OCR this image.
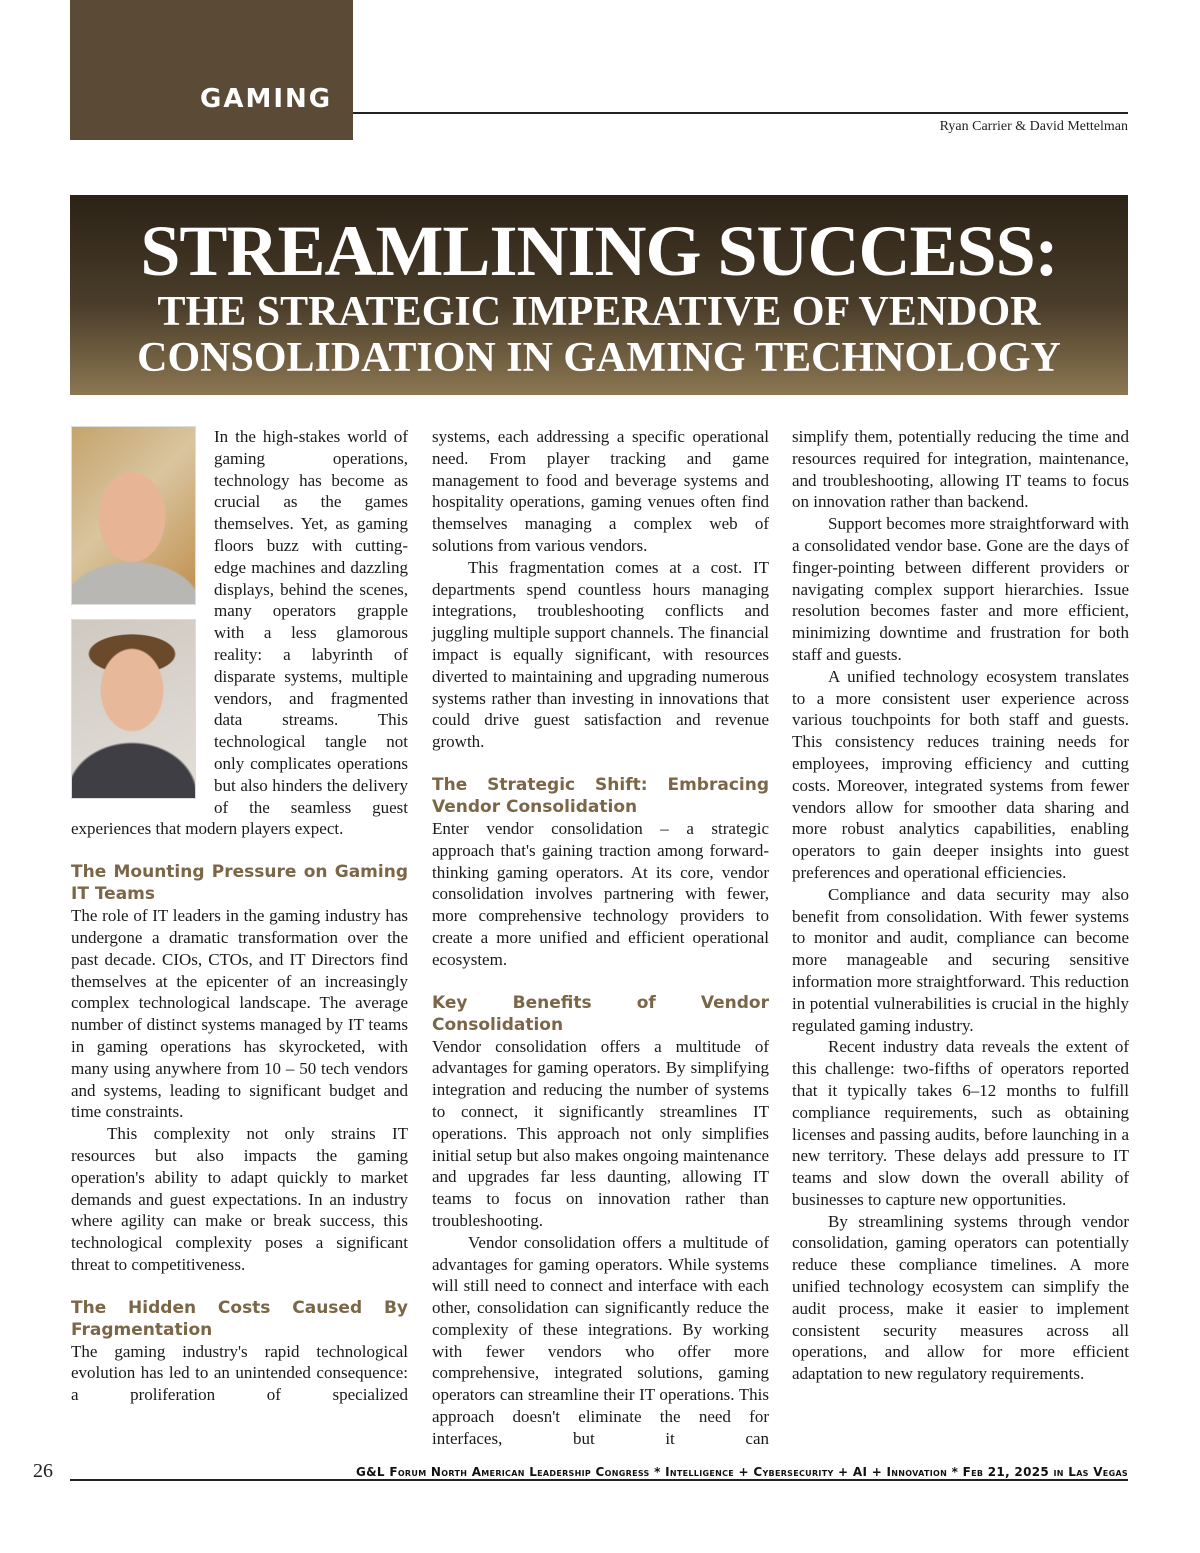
GAMING
Ryan Carrier & David Mettelman
STREAMLINING SUCCESS:
THE STRATEGIC IMPERATIVE OF VENDOR
CONSOLIDATION IN GAMING TECHNOLOGY

In the high-stakes world of gaming operations, technology has become as crucial as the games themselves. Yet, as gaming floors buzz with cutting-edge machines and dazzling displays, behind the scenes, many operators grapple with a less glamorous reality: a labyrinth of disparate systems, multiple vendors, and fragmented data streams. This technological tangle not only complicates operations but also hinders the delivery of the seamless guest experiences that modern players expect.

The Mounting Pressure on Gaming IT Teams

The role of IT leaders in the gaming industry has undergone a dramatic transformation over the past decade. CIOs, CTOs, and IT Directors find themselves at the epicenter of an increasingly complex technological landscape. The average number of distinct systems managed by IT teams in gaming operations has skyrocketed, with many using anywhere from 10 – 50 tech vendors and systems, leading to significant budget and time constraints.

This complexity not only strains IT resources but also impacts the gaming operation's ability to adapt quickly to market demands and guest expectations. In an industry where agility can make or break success, this technological complexity poses a significant threat to competitiveness.

The Hidden Costs Caused By Fragmentation

The gaming industry's rapid technological evolution has led to an unintended consequence: a proliferation of specialized

systems, each addressing a specific operational need. From player tracking and game management to food and beverage systems and hospitality operations, gaming venues often find themselves managing a complex web of solutions from various vendors.

This fragmentation comes at a cost. IT departments spend countless hours managing integrations, troubleshooting conflicts and juggling multiple support channels. The financial impact is equally significant, with resources diverted to maintaining and upgrading numerous systems rather than investing in innovations that could drive guest satisfaction and revenue growth.

The Strategic Shift: Embracing Vendor Consolidation

Enter vendor consolidation – a strategic approach that's gaining traction among forward-thinking gaming operators. At its core, vendor consolidation involves partnering with fewer, more comprehensive technology providers to create a more unified and efficient operational ecosystem.

Key Benefits of Vendor Consolidation

Vendor consolidation offers a multitude of advantages for gaming operators. By simplifying integration and reducing the number of systems to connect, it significantly streamlines IT operations. This approach not only simplifies initial setup but also makes ongoing maintenance and upgrades far less daunting, allowing IT teams to focus on innovation rather than troubleshooting.

Vendor consolidation offers a multitude of advantages for gaming operators. While systems will still need to connect and interface with each other, consolidation can significantly reduce the complexity of these integrations. By working with fewer vendors who offer more comprehensive, integrated solutions, gaming operators can streamline their IT operations. This approach doesn't eliminate the need for interfaces, but it can

simplify them, potentially reducing the time and resources required for integration, maintenance, and troubleshooting, allowing IT teams to focus on innovation rather than backend.

Support becomes more straightforward with a consolidated vendor base. Gone are the days of finger-pointing between different providers or navigating complex support hierarchies. Issue resolution becomes faster and more efficient, minimizing downtime and frustration for both staff and guests.

A unified technology ecosystem translates to a more consistent user experience across various touchpoints for both staff and guests. This consistency reduces training needs for employees, improving efficiency and cutting costs. Moreover, integrated systems from fewer vendors allow for smoother data sharing and more robust analytics capabilities, enabling operators to gain deeper insights into guest preferences and operational efficiencies.

Compliance and data security may also benefit from consolidation. With fewer systems to monitor and audit, compliance can become more manageable and securing sensitive information more straightforward. This reduction in potential vulnerabilities is crucial in the highly regulated gaming industry.

Recent industry data reveals the extent of this challenge: two-fifths of operators reported that it typically takes 6–12 months to fulfill compliance requirements, such as obtaining licenses and passing audits, before launching in a new territory. These delays add pressure to IT teams and slow down the overall ability of businesses to capture new opportunities.

By streamlining systems through vendor consolidation, gaming operators can potentially reduce these compliance timelines. A more unified technology ecosystem can simplify the audit process, make it easier to implement consistent security measures across all operations, and allow for more efficient adaptation to new regulatory requirements.

26	G&L Forum North American Leadership Congress * Intelligence + Cybersecurity + AI + Innovation * Feb 21, 2025 in Las Vegas
